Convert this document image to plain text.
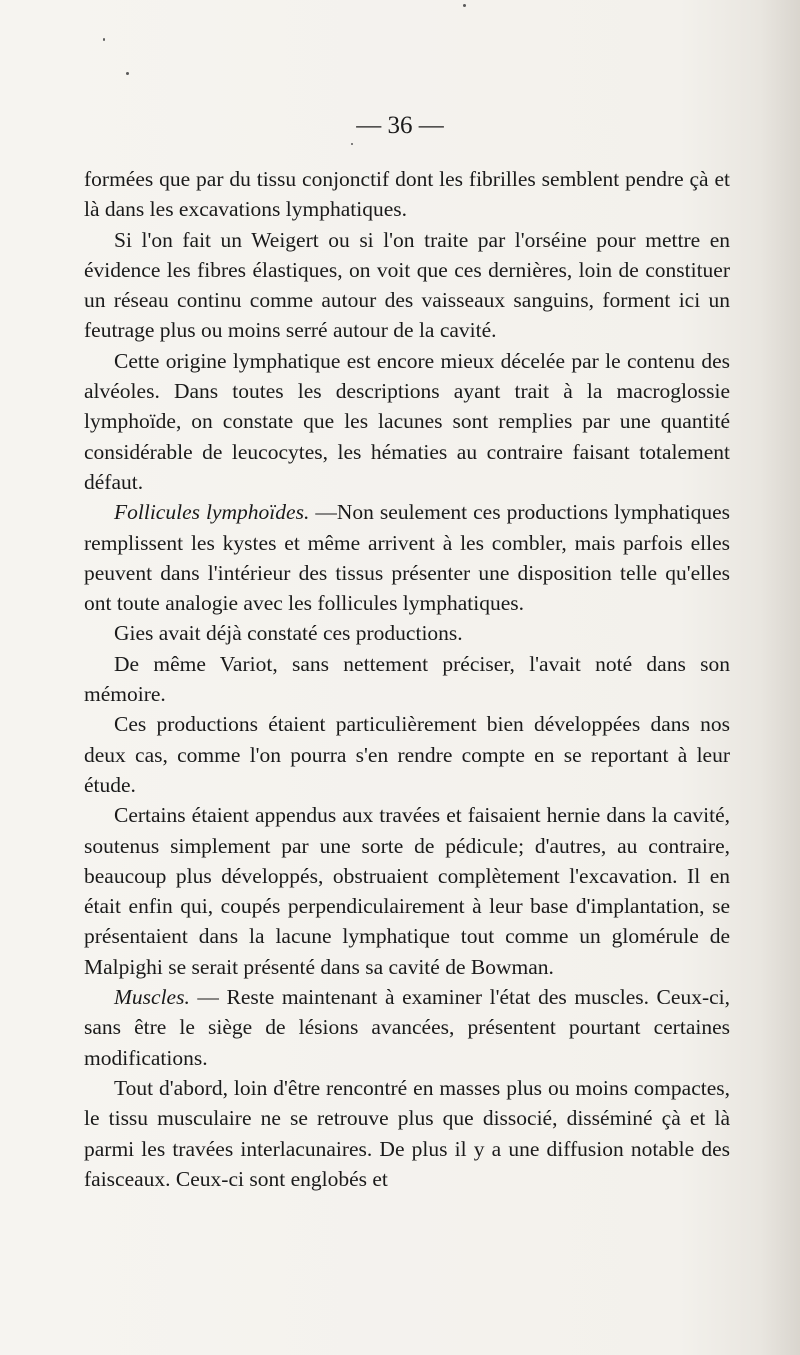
— 36 —

formées que par du tissu conjonctif dont les fibrilles semblent pendre çà et là dans les excavations lymphatiques.

Si l'on fait un Weigert ou si l'on traite par l'orséine pour mettre en évidence les fibres élastiques, on voit que ces dernières, loin de constituer un réseau continu comme autour des vaisseaux sanguins, forment ici un feutrage plus ou moins serré autour de la cavité.

Cette origine lymphatique est encore mieux décelée par le contenu des alvéoles. Dans toutes les descriptions ayant trait à la macroglossie lymphoïde, on constate que les lacunes sont remplies par une quantité considérable de leucocytes, les hématies au contraire faisant totalement défaut.

Follicules lymphoïdes. —Non seulement ces productions lymphatiques remplissent les kystes et même arrivent à les combler, mais parfois elles peuvent dans l'intérieur des tissus présenter une disposition telle qu'elles ont toute analogie avec les follicules lymphatiques.

Gies avait déjà constaté ces productions.

De même Variot, sans nettement préciser, l'avait noté dans son mémoire.

Ces productions étaient particulièrement bien développées dans nos deux cas, comme l'on pourra s'en rendre compte en se reportant à leur étude.

Certains étaient appendus aux travées et faisaient hernie dans la cavité, soutenus simplement par une sorte de pédicule; d'autres, au contraire, beaucoup plus développés, obstruaient complètement l'excavation. Il en était enfin qui, coupés perpendiculairement à leur base d'implantation, se présentaient dans la lacune lymphatique tout comme un glomérule de Malpighi se serait présenté dans sa cavité de Bowman.

Muscles. — Reste maintenant à examiner l'état des muscles. Ceux-ci, sans être le siège de lésions avancées, présentent pourtant certaines modifications.

Tout d'abord, loin d'être rencontré en masses plus ou moins compactes, le tissu musculaire ne se retrouve plus que dissocié, disséminé çà et là parmi les travées interlacunaires. De plus il y a une diffusion notable des faisceaux. Ceux-ci sont englobés et
